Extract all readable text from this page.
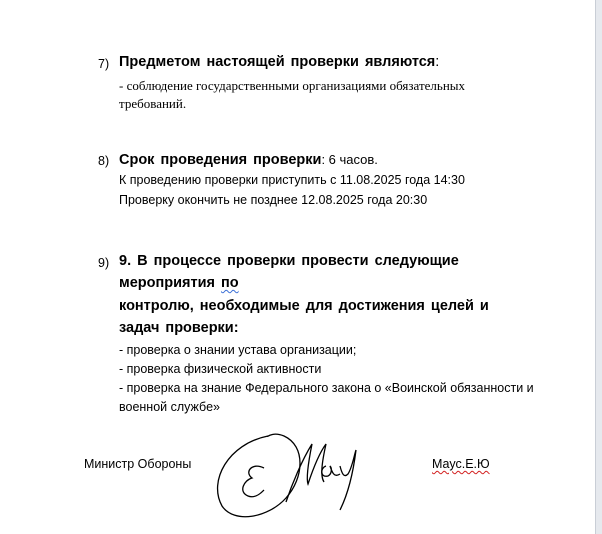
7) Предметом настоящей проверки являются:
- соблюдение государственными организациями обязательных
требований.
8) Срок проведения проверки: 6 часов.
К проведению проверки приступить с 11.08.2025 года 14:30
Проверку окончить не позднее 12.08.2025 года 20:30
9) 9. В процессе проверки провести следующие
мероприятия по
контролю, необходимые для достижения целей и
задач проверки:
- проверка о знании устава организации;
- проверка физической активности
- проверка на знание Федерального закона о «Воинской обязанности и
военной службе»
Министр Обороны	Маус.Е.Ю
